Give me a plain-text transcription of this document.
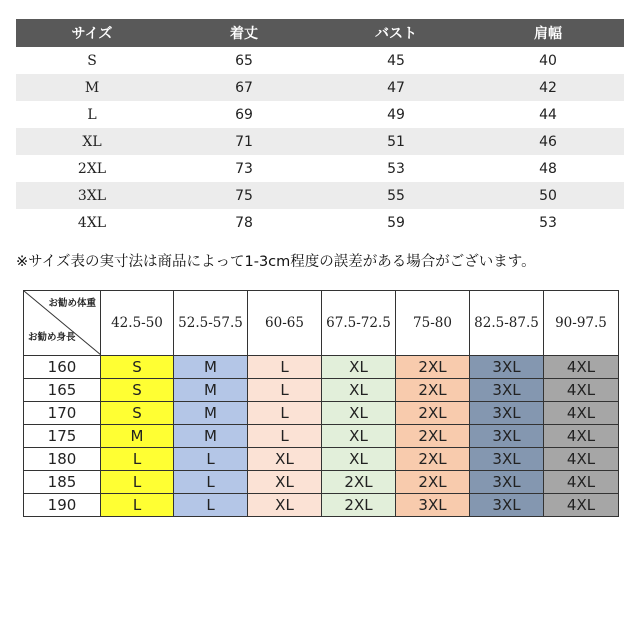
サイズ	着丈	バスト	肩幅
S	65	45	40
M	67	47	42
L	69	49	44
XL	71	51	46
2XL	73	53	48
3XL	75	55	50
4XL	78	59	53
※サイズ表の実寸法は商品によって1-3cm程度の誤差がある場合がございます。
お勧め体重
お勧め身長	42.5-50	52.5-57.5	60-65	67.5-72.5	75-80	82.5-87.5	90-97.5
160	S	M	L	XL	2XL	3XL	4XL
165	S	M	L	XL	2XL	3XL	4XL
170	S	M	L	XL	2XL	3XL	4XL
175	M	M	L	XL	2XL	3XL	4XL
180	L	L	XL	XL	2XL	3XL	4XL
185	L	L	XL	2XL	2XL	3XL	4XL
190	L	L	XL	2XL	3XL	3XL	4XL
